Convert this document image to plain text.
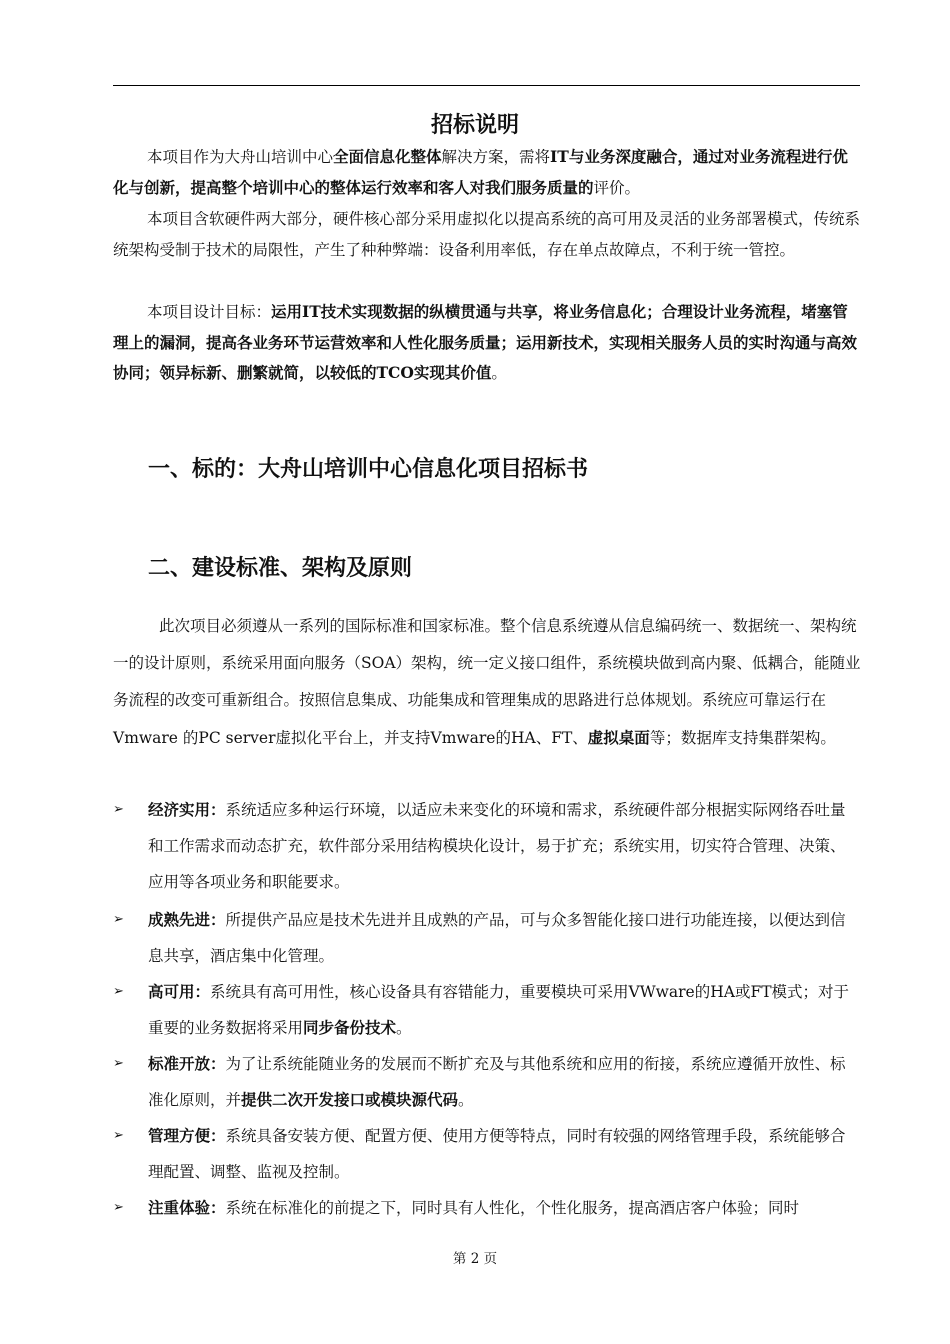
招标说明
本项目作为大舟山培训中心全面信息化整体解决方案，需将IT与业务深度融合，通过对业务流程进行优化与创新，提高整个培训中心的整体运行效率和客人对我们服务质量的评价。
本项目含软硬件两大部分，硬件核心部分采用虚拟化以提高系统的高可用及灵活的业务部署模式，传统系统架构受制于技术的局限性，产生了种种弊端：设备利用率低，存在单点故障点，不利于统一管控。
本项目设计目标：运用IT技术实现数据的纵横贯通与共享，将业务信息化；合理设计业务流程，堵塞管理上的漏洞，提高各业务环节运营效率和人性化服务质量；运用新技术，实现相关服务人员的实时沟通与高效协同；领异标新、删繁就简，以较低的TCO实现其价值。
一、标的：大舟山培训中心信息化项目招标书
二、建设标准、架构及原则
此次项目必须遵从一系列的国际标准和国家标准。整个信息系统遵从信息编码统一、数据统一、架构统一的设计原则，系统采用面向服务（SOA）架构，统一定义接口组件，系统模块做到高内聚、低耦合，能随业务流程的改变可重新组合。按照信息集成、功能集成和管理集成的思路进行总体规划。系统应可靠运行在 Vmware 的PC server虚拟化平台上，并支持Vmware的HA、FT、虚拟桌面等；数据库支持集群架构。
➢	经济实用：系统适应多种运行环境，以适应未来变化的环境和需求，系统硬件部分根据实际网络吞吐量和工作需求而动态扩充，软件部分采用结构模块化设计，易于扩充；系统实用，切实符合管理、决策、应用等各项业务和职能要求。
➢	成熟先进：所提供产品应是技术先进并且成熟的产品，可与众多智能化接口进行功能连接，以便达到信息共享，酒店集中化管理。
➢	高可用：系统具有高可用性，核心设备具有容错能力，重要模块可采用VWware的HA或FT模式；对于重要的业务数据将采用同步备份技术。
➢	标准开放：为了让系统能随业务的发展而不断扩充及与其他系统和应用的衔接，系统应遵循开放性、标准化原则，并提供二次开发接口或模块源代码。
➢	管理方便：系统具备安装方便、配置方便、使用方便等特点，同时有较强的网络管理手段，系统能够合理配置、调整、监视及控制。
➢	注重体验：系统在标准化的前提之下，同时具有人性化，个性化服务，提高酒店客户体验；同时
第 2 页
